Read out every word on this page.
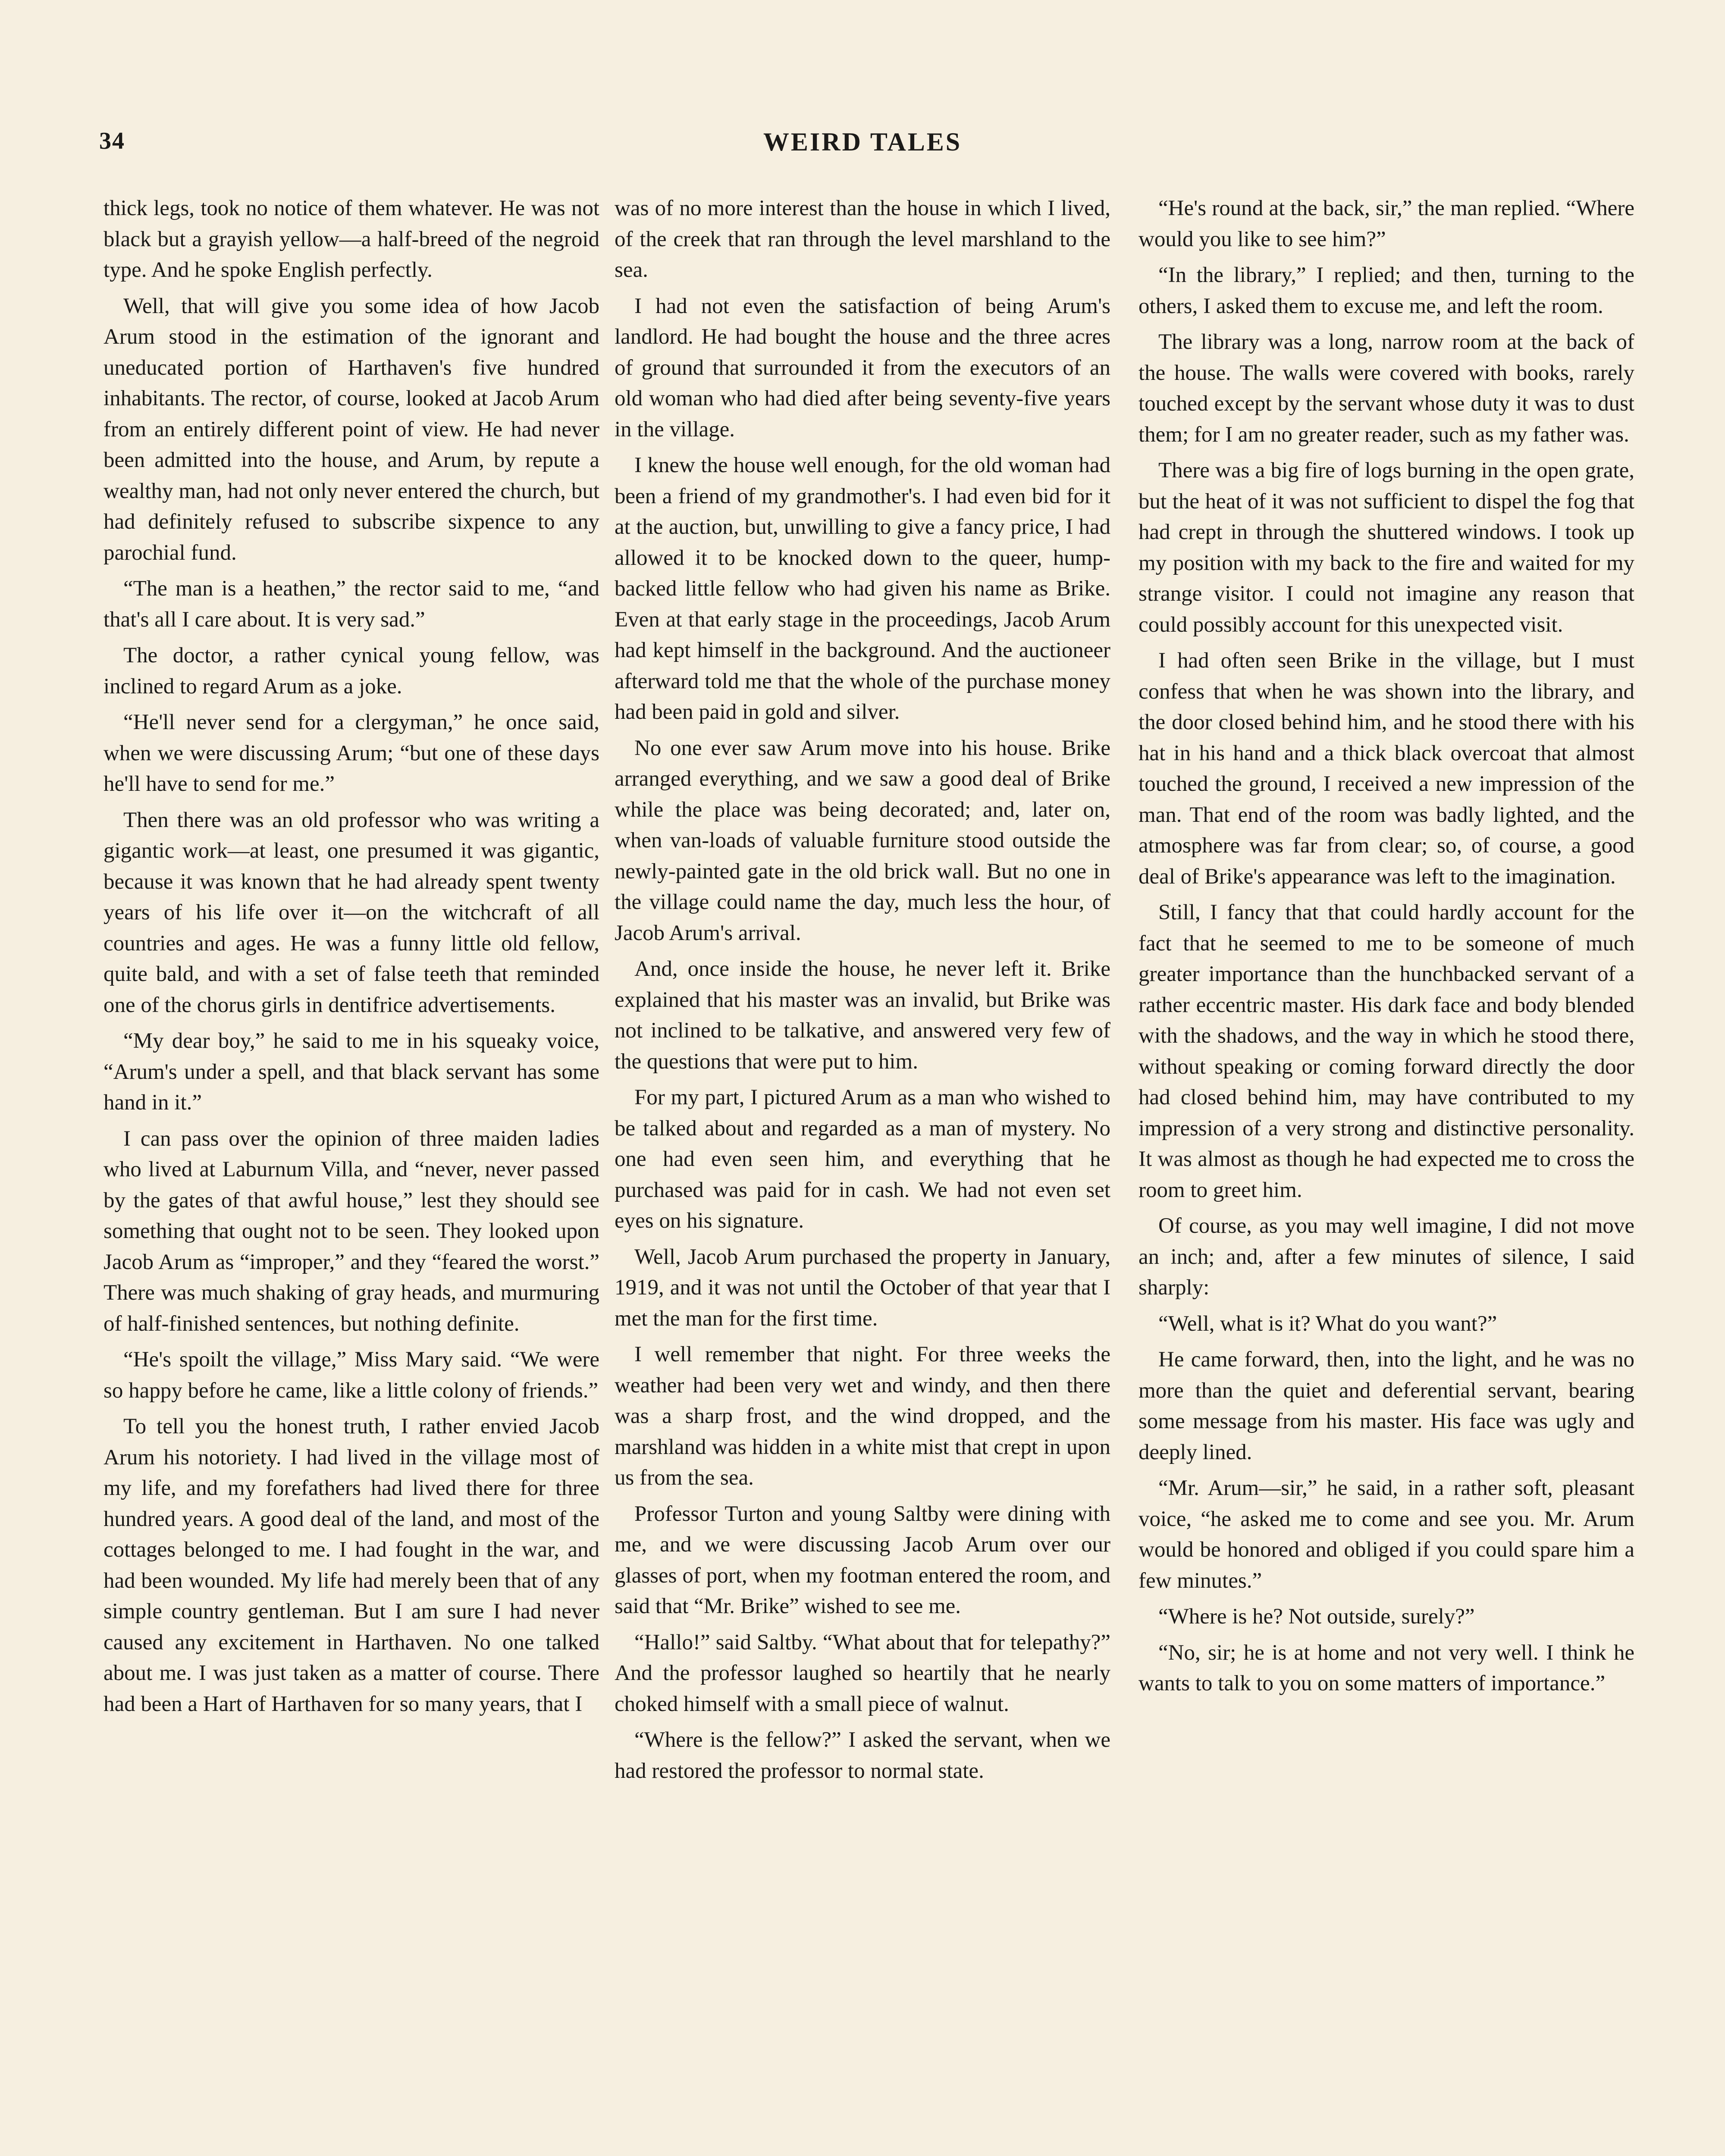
34	WEIRD TALES

thick legs, took no notice of them whatever. He was not black but a grayish yellow—a half-breed of the negroid type. And he spoke English perfectly.

Well, that will give you some idea of how Jacob Arum stood in the estimation of the ignorant and uneducated portion of Harthaven's five hundred inhabitants. The rector, of course, looked at Jacob Arum from an entirely different point of view. He had never been admitted into the house, and Arum, by repute a wealthy man, had not only never entered the church, but had definitely refused to subscribe sixpence to any parochial fund.

“The man is a heathen,” the rector said to me, “and that's all I care about. It is very sad.”

The doctor, a rather cynical young fellow, was inclined to regard Arum as a joke.

“He'll never send for a clergyman,” he once said, when we were discussing Arum; “but one of these days he'll have to send for me.”

Then there was an old professor who was writing a gigantic work—at least, one presumed it was gigantic, because it was known that he had already spent twenty years of his life over it—on the witchcraft of all countries and ages. He was a funny little old fellow, quite bald, and with a set of false teeth that reminded one of the chorus girls in dentifrice advertisements.

“My dear boy,” he said to me in his squeaky voice, “Arum's under a spell, and that black servant has some hand in it.”

I can pass over the opinion of three maiden ladies who lived at Laburnum Villa, and “never, never passed by the gates of that awful house,” lest they should see something that ought not to be seen. They looked upon Jacob Arum as “improper,” and they “feared the worst.” There was much shaking of gray heads, and murmuring of half-finished sentences, but nothing definite.

“He's spoilt the village,” Miss Mary said. “We were so happy before he came, like a little colony of friends.”

To tell you the honest truth, I rather envied Jacob Arum his notoriety. I had lived in the village most of my life, and my forefathers had lived there for three hundred years. A good deal of the land, and most of the cottages belonged to me. I had fought in the war, and had been wounded. My life had merely been that of any simple country gentleman. But I am sure I had never caused any excitement in Harthaven. No one talked about me. I was just taken as a matter of course. There had been a Hart of Harthaven for so many years, that I

was of no more interest than the house in which I lived, of the creek that ran through the level marshland to the sea.

I had not even the satisfaction of being Arum's landlord. He had bought the house and the three acres of ground that surrounded it from the executors of an old woman who had died after being seventy-five years in the village.

I knew the house well enough, for the old woman had been a friend of my grandmother's. I had even bid for it at the auction, but, unwilling to give a fancy price, I had allowed it to be knocked down to the queer, hump-backed little fellow who had given his name as Brike. Even at that early stage in the proceedings, Jacob Arum had kept himself in the background. And the auctioneer afterward told me that the whole of the purchase money had been paid in gold and silver.

No one ever saw Arum move into his house. Brike arranged everything, and we saw a good deal of Brike while the place was being decorated; and, later on, when van-loads of valuable furniture stood outside the newly-painted gate in the old brick wall. But no one in the village could name the day, much less the hour, of Jacob Arum's arrival.

And, once inside the house, he never left it. Brike explained that his master was an invalid, but Brike was not inclined to be talkative, and answered very few of the questions that were put to him.

For my part, I pictured Arum as a man who wished to be talked about and regarded as a man of mystery. No one had even seen him, and everything that he purchased was paid for in cash. We had not even set eyes on his signature.

Well, Jacob Arum purchased the property in January, 1919, and it was not until the October of that year that I met the man for the first time.

I well remember that night. For three weeks the weather had been very wet and windy, and then there was a sharp frost, and the wind dropped, and the marshland was hidden in a white mist that crept in upon us from the sea.

Professor Turton and young Saltby were dining with me, and we were discussing Jacob Arum over our glasses of port, when my footman entered the room, and said that “Mr. Brike” wished to see me.

“Hallo!” said Saltby. “What about that for telepathy?” And the professor laughed so heartily that he nearly choked himself with a small piece of walnut.

“Where is the fellow?” I asked the servant, when we had restored the professor to normal state.

“He's round at the back, sir,” the man replied. “Where would you like to see him?”

“In the library,” I replied; and then, turning to the others, I asked them to excuse me, and left the room.

The library was a long, narrow room at the back of the house. The walls were covered with books, rarely touched except by the servant whose duty it was to dust them; for I am no greater reader, such as my father was.

There was a big fire of logs burning in the open grate, but the heat of it was not sufficient to dispel the fog that had crept in through the shuttered windows. I took up my position with my back to the fire and waited for my strange visitor. I could not imagine any reason that could possibly account for this unexpected visit.

I had often seen Brike in the village, but I must confess that when he was shown into the library, and the door closed behind him, and he stood there with his hat in his hand and a thick black overcoat that almost touched the ground, I received a new impression of the man. That end of the room was badly lighted, and the atmosphere was far from clear; so, of course, a good deal of Brike's appearance was left to the imagination.

Still, I fancy that that could hardly account for the fact that he seemed to me to be someone of much greater importance than the hunchbacked servant of a rather eccentric master. His dark face and body blended with the shadows, and the way in which he stood there, without speaking or coming forward directly the door had closed behind him, may have contributed to my impression of a very strong and distinctive personality. It was almost as though he had expected me to cross the room to greet him.

Of course, as you may well imagine, I did not move an inch; and, after a few minutes of silence, I said sharply:

“Well, what is it? What do you want?”

He came forward, then, into the light, and he was no more than the quiet and deferential servant, bearing some message from his master. His face was ugly and deeply lined.

“Mr. Arum—sir,” he said, in a rather soft, pleasant voice, “he asked me to come and see you. Mr. Arum would be honored and obliged if you could spare him a few minutes.”

“Where is he? Not outside, surely?”

“No, sir; he is at home and not very well. I think he wants to talk to you on some matters of importance.”
